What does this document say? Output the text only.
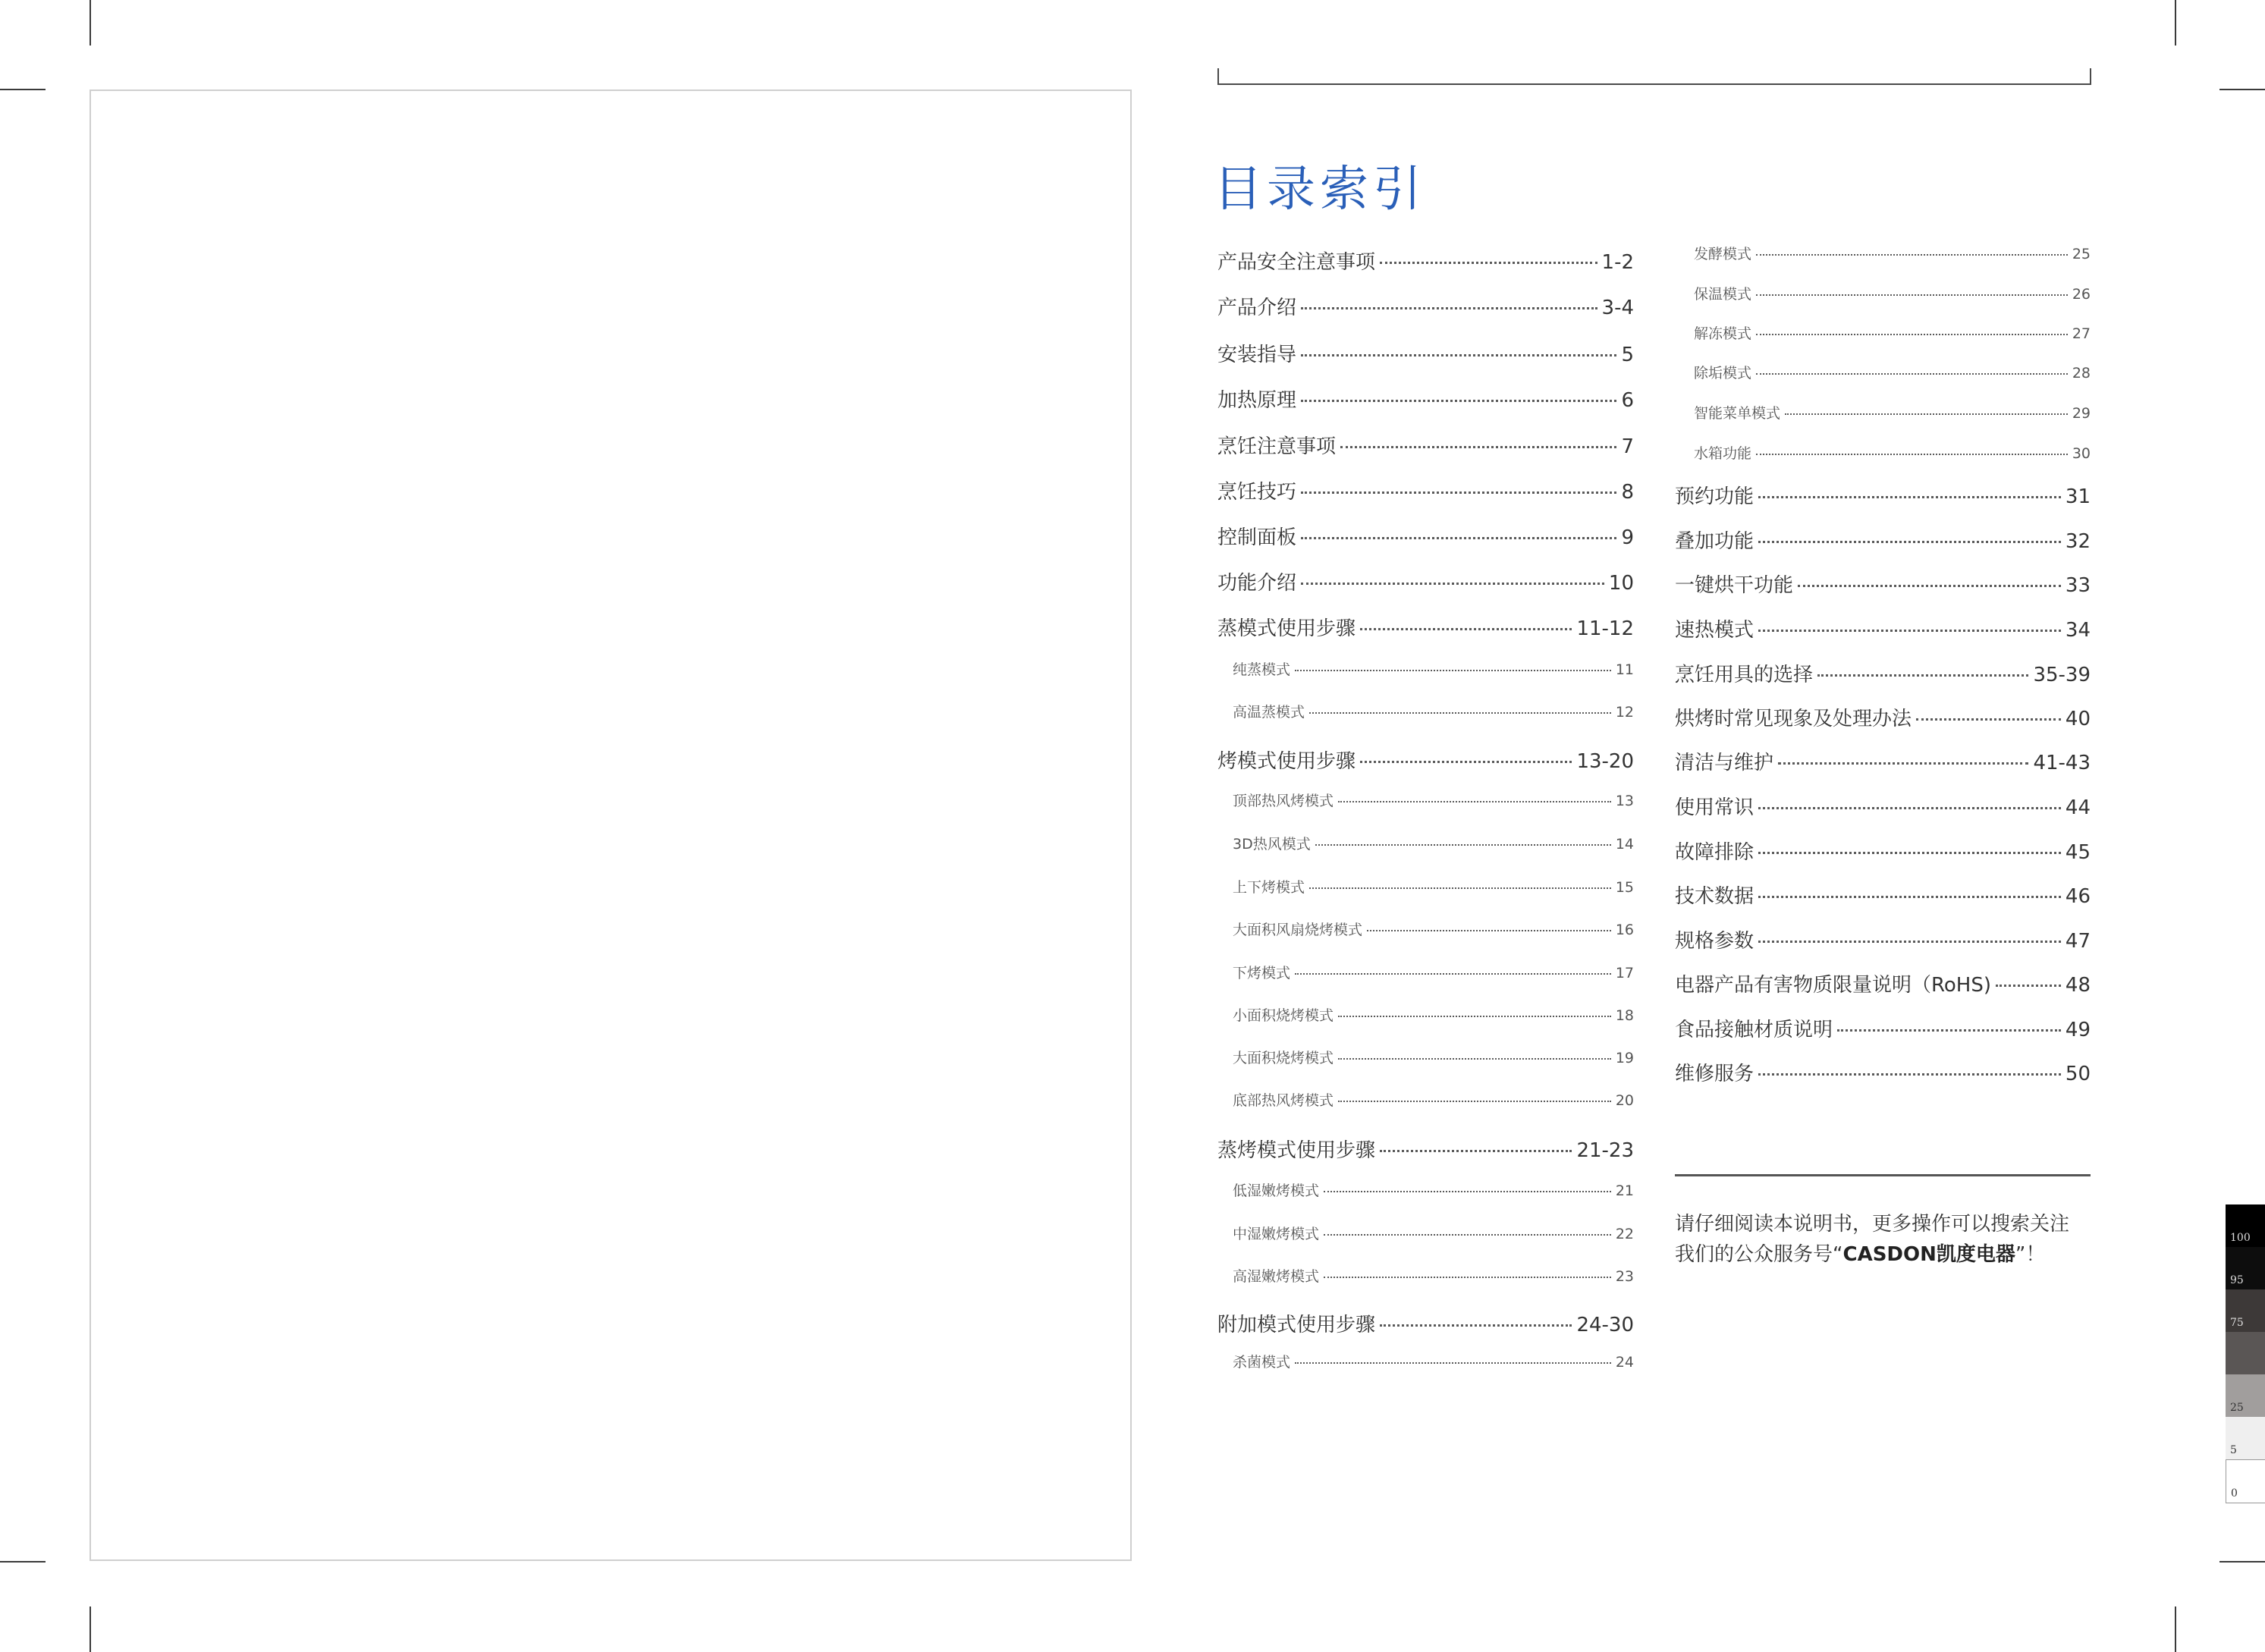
目录索引
产品安全注意事项	1-2
产品介绍	3-4
安装指导	5
加热原理	6
烹饪注意事项	7
烹饪技巧	8
控制面板	9
功能介绍	10
蒸模式使用步骤	11-12
纯蒸模式	11
高温蒸模式	12
烤模式使用步骤	13-20
顶部热风烤模式	13
3D热风模式	14
上下烤模式	15
大面积风扇烧烤模式	16
下烤模式	17
小面积烧烤模式	18
大面积烧烤模式	19
底部热风烤模式	20
蒸烤模式使用步骤	21-23
低湿嫩烤模式	21
中湿嫩烤模式	22
高湿嫩烤模式	23
附加模式使用步骤	24-30
杀菌模式	24
发酵模式	25
保温模式	26
解冻模式	27
除垢模式	28
智能菜单模式	29
水箱功能	30
预约功能	31
叠加功能	32
一键烘干功能	33
速热模式	34
烹饪用具的选择	35-39
烘烤时常见现象及处理办法	40
清洁与维护	41-43
使用常识	44
故障排除	45
技术数据	46
规格参数	47
电器产品有害物质限量说明（RoHS)	48
食品接触材质说明	49
维修服务	50
请仔细阅读本说明书，更多操作可以搜索关注
我们的公众服务号“CASDON凯度电器”！
100
95
75
25
5
0
